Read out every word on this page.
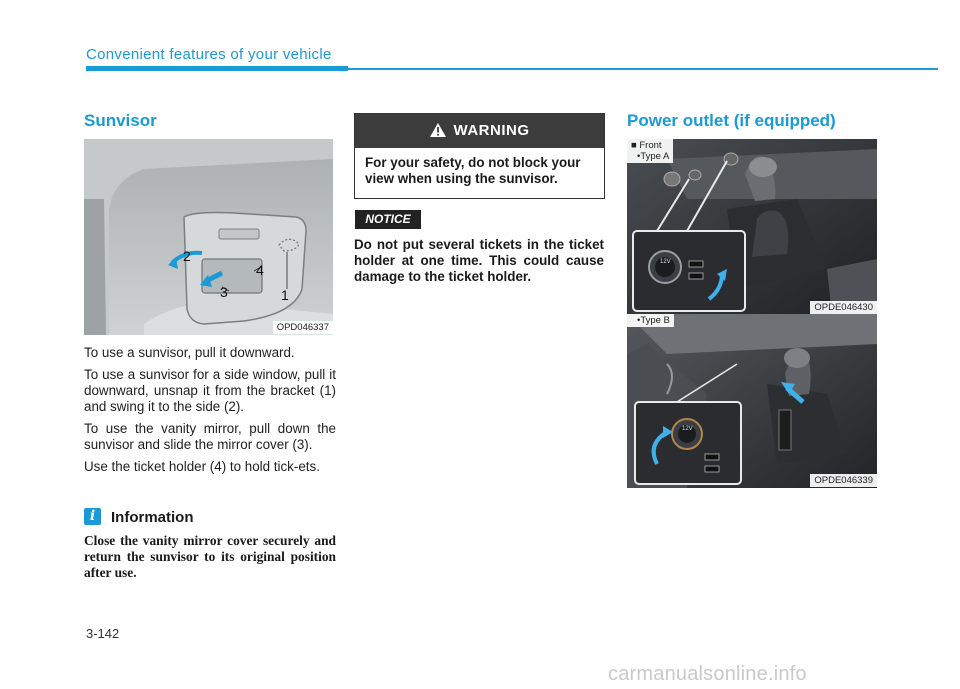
Convenient features of your vehicle
Sunvisor
1
2
3
4
OPD046337
To use a sunvisor, pull it downward.
To use a sunvisor for a side window, pull it downward, unsnap it from the bracket (1) and swing it to the side (2).
To use the vanity mirror, pull down the sunvisor and slide the mirror cover (3).
Use the ticket holder (4) to hold tick-ets.
i	Information
Close the vanity mirror cover securely and return the sunvisor to its original position after use.
WARNING
For your safety, do not block your view when using the sunvisor.
NOTICE
Do not put several tickets in the ticket holder at one time. This could cause damage to the ticket holder.
Power outlet (if equipped)
12V
■ Front
•Type A
OPDE046430
12V
•Type B
OPDE046339
3-142
carmanualsonline.info
